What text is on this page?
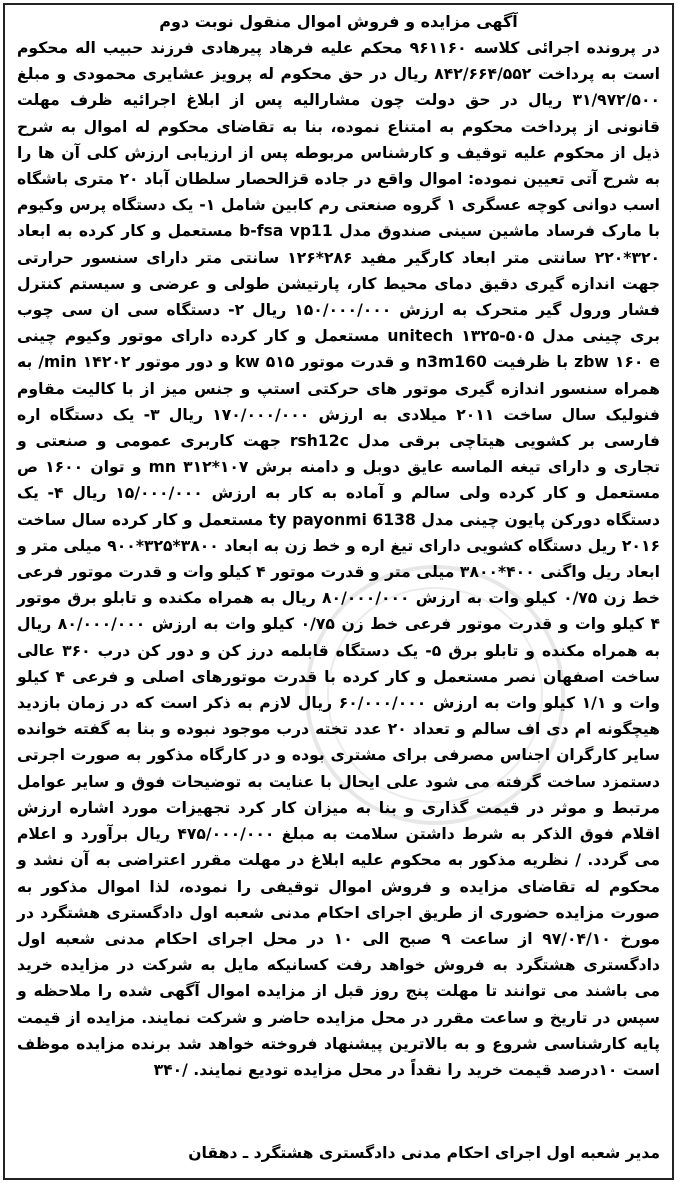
آگهی مزایده و فروش اموال منقول نوبت دوم

در پرونده اجرائی کلاسه ۹۶۱۱۶۰ محکم علیه فرهاد پیرهادی فرزند حبیب اله محکوم است به پرداخت ۸۴۲/۶۶۴/۵۵۲ ریال در حق محکوم له پرویز عشایری محمودی و مبلغ ۳۱/۹۷۲/۵۰۰ ریال در حق دولت چون مشارالیه پس از ابلاغ اجرائیه ظرف مهلت قانونی از پرداخت محکوم به امتناع نموده، بنا به تقاضای محکوم له اموال به شرح ذیل از محکوم علیه توقیف و کارشناس مربوطه پس از ارزیابی ارزش کلی آن ها را به شرح آتی تعیین نموده: اموال واقع در جاده قزالحصار سلطان آباد ۲۰ متری باشگاه اسب دوانی کوچه عسگری ۱ گروه صنعتی رم کابین شامل ۱- یک دستگاه پرس وکیوم با مارک فرساد ماشین سینی صندوق مدل b-fsa vp11 مستعمل و کار کرده به ابعاد ۳۲۰*۲۲۰ سانتی متر ابعاد کارگیر مفید ۲۸۶*۱۲۶ سانتی متر دارای سنسور حرارتی جهت اندازه گیری دقیق دمای محیط کار، پارتیشن طولی و عرضی و سیستم کنترل فشار ورول گیر متحرک به ارزش ۱۵۰/۰۰۰/۰۰۰ ریال ۲- دستگاه سی ان سی چوب بری چینی مدل ۵۰۵-۱۳۲۵ unitech مستعمل و کار کرده دارای موتور وکیوم چینی zbw ۱۶۰ e با ظرفیت n3m160 و قدرت موتور ۵۱۵ kw و دور موتور min ۱۴۲۰۲/ به همراه سنسور اندازه گیری موتور های حرکتی استپ و جنس میز از با کالیت مقاوم فنولیک سال ساخت ۲۰۱۱ میلادی به ارزش ۱۷۰/۰۰۰/۰۰۰ ریال ۳- یک دستگاه اره فارسی بر کشویی هیتاچی برقی مدل rsh12c جهت کاربری عمومی و صنعتی و تجاری و دارای تیغه الماسه عایق دوبل و دامنه برش ۱۰۷*۳۱۲ mn و توان ۱۶۰۰ ص مستعمل و کار کرده ولی سالم و آماده به کار به ارزش ۱۵/۰۰۰/۰۰۰ ریال ۴- یک دستگاه دورکن پایون چینی مدل ty payonmi 6138 مستعمل و کار کرده سال ساخت ۲۰۱۶ ریل دستگاه کشویی دارای تیغ اره و خط زن به ابعاد ۳۸۰۰*۳۲۵*۹۰۰ میلی متر و ابعاد ریل واگنی ۴۰۰*۳۸۰۰ میلی متر و قدرت موتور ۴ کیلو وات و قدرت موتور فرعی خط زن ۰/۷۵ کیلو وات به ارزش ۸۰/۰۰۰/۰۰۰ ریال به همراه مکنده و تابلو برق موتور ۴ کیلو وات و قدرت موتور فرعی خط زن ۰/۷۵ کیلو وات به ارزش ۸۰/۰۰۰/۰۰۰ ریال به همراه مکنده و تابلو برق ۵- یک دستگاه قابلمه درز کن و دور کن درب ۳۶۰ عالی ساخت اصفهان نصر مستعمل و کار کرده با قدرت موتورهای اصلی و فرعی ۴ کیلو وات و ۱/۱ کیلو وات به ارزش ۶۰/۰۰۰/۰۰۰ ریال لازم به ذکر است که در زمان بازدید هیچگونه ام دی اف سالم و تعداد ۲۰ عدد تخته درب موجود نبوده و بنا به گفته خوانده سایر کارگران اجناس مصرفی برای مشتری بوده و در کارگاه مذکور به صورت اجرتی دستمزد ساخت گرفته می شود علی ایحال با عنایت به توضیحات فوق و سایر عوامل مرتبط و موثر در قیمت گذاری و بنا به میزان کار کرد تجهیزات مورد اشاره ارزش اقلام فوق الذکر به شرط داشتن سلامت به مبلغ ۴۷۵/۰۰۰/۰۰۰ ریال برآورد و اعلام می گردد. / نظریه مذکور به محکوم علیه ابلاغ در مهلت مقرر اعتراضی به آن نشد و محکوم له تقاضای مزایده و فروش اموال توقیفی را نموده، لذا اموال مذکور به صورت مزایده حضوری از طریق اجرای احکام مدنی شعبه اول دادگستری هشتگرد در مورخ ۹۷/۰۴/۱۰ از ساعت ۹ صبح الی ۱۰ در محل اجرای احکام مدنی شعبه اول دادگستری هشتگرد به فروش خواهد رفت کسانیکه مایل به شرکت در مزایده خرید می باشند می توانند تا مهلت پنج روز قبل از مزایده اموال آگهی شده را ملاحظه و سپس در تاریخ و ساعت مقرر در محل مزایده حاضر و شرکت نمایند. مزایده از قیمت پایه کارشناسی شروع و به بالاترین پیشنهاد فروخته خواهد شد برنده مزایده موظف است ۱۰درصد قیمت خرید را نقداً در محل مزایده تودیع نمایند. /۳۴۰

مدیر شعبه اول اجرای احکام مدنی دادگستری هشتگرد ـ دهقان
